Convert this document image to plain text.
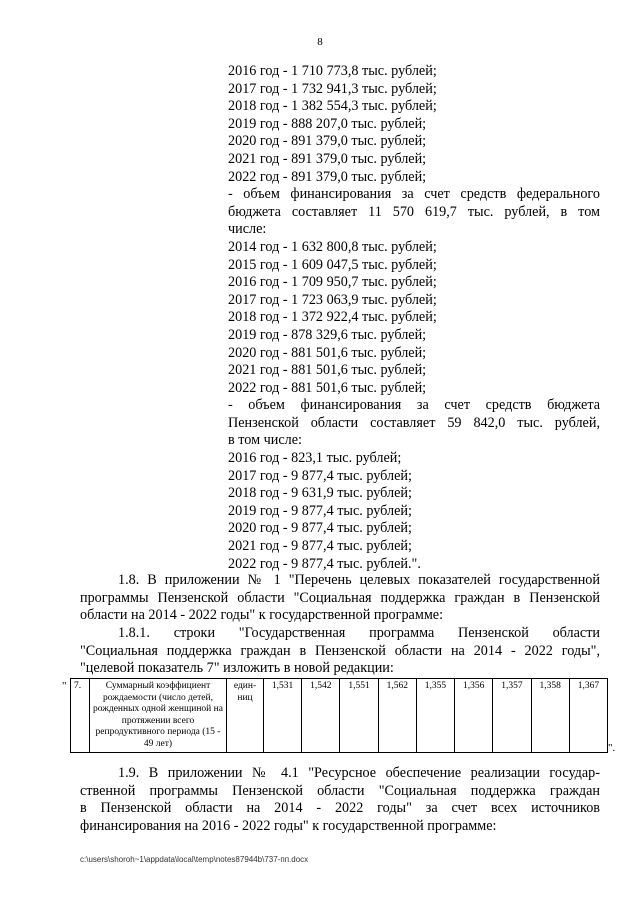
8
2016 год - 1 710 773,8 тыс. рублей;
2017 год - 1 732 941,3 тыс. рублей;
2018 год - 1 382 554,3 тыс. рублей;
2019 год - 888 207,0 тыс. рублей;
2020 год - 891 379,0 тыс. рублей;
2021 год - 891 379,0 тыс. рублей;
2022 год - 891 379,0 тыс. рублей;
- объем финансирования за счет средств федерального
бюджета составляет 11 570 619,7 тыс. рублей, в том
числе:
2014 год - 1 632 800,8 тыс. рублей;
2015 год - 1 609 047,5 тыс. рублей;
2016 год - 1 709 950,7 тыс. рублей;
2017 год - 1 723 063,9 тыс. рублей;
2018 год - 1 372 922,4 тыс. рублей;
2019 год - 878 329,6 тыс. рублей;
2020 год - 881 501,6 тыс. рублей;
2021 год - 881 501,6 тыс. рублей;
2022 год - 881 501,6 тыс. рублей;
- объем финансирования за счет средств бюджета
Пензенской области составляет 59 842,0 тыс. рублей,
в том числе:
2016 год - 823,1 тыс. рублей;
2017 год - 9 877,4 тыс. рублей;
2018 год - 9 631,9 тыс. рублей;
2019 год - 9 877,4 тыс. рублей;
2020 год - 9 877,4 тыс. рублей;
2021 год - 9 877,4 тыс. рублей;
2022 год - 9 877,4 тыс. рублей.".

1.8. В приложении № 1 "Перечень целевых показателей государственной

программы Пензенской области "Социальная поддержка граждан в Пензенской

области на 2014 - 2022 годы" к государственной программе:

1.8.1. строки "Государственная программа Пензенской области

"Социальная поддержка граждан в Пензенской области на 2014 - 2022 годы",

"целевой показатель 7" изложить в новой редакции:

" 7.	Суммарный коэффициент рождаемости (число детей, рожденных одной женщиной на протяжении всего репродуктивного периода (15 - 49 лет)	един-ниц	1,531	1,542	1,551	1,562	1,355	1,356	1,357	1,358	1,367
".

1.9. В приложении № 4.1 "Ресурсное обеспечение реализации государ-

ственной программы Пензенской области "Социальная поддержка граждан

в Пензенской области на 2014 - 2022 годы" за счет всех источников

финансирования на 2016 - 2022 годы" к государственной программе:

c:\users\shoroh~1\appdata\local\temp\notes87944b\737-пп.docx
